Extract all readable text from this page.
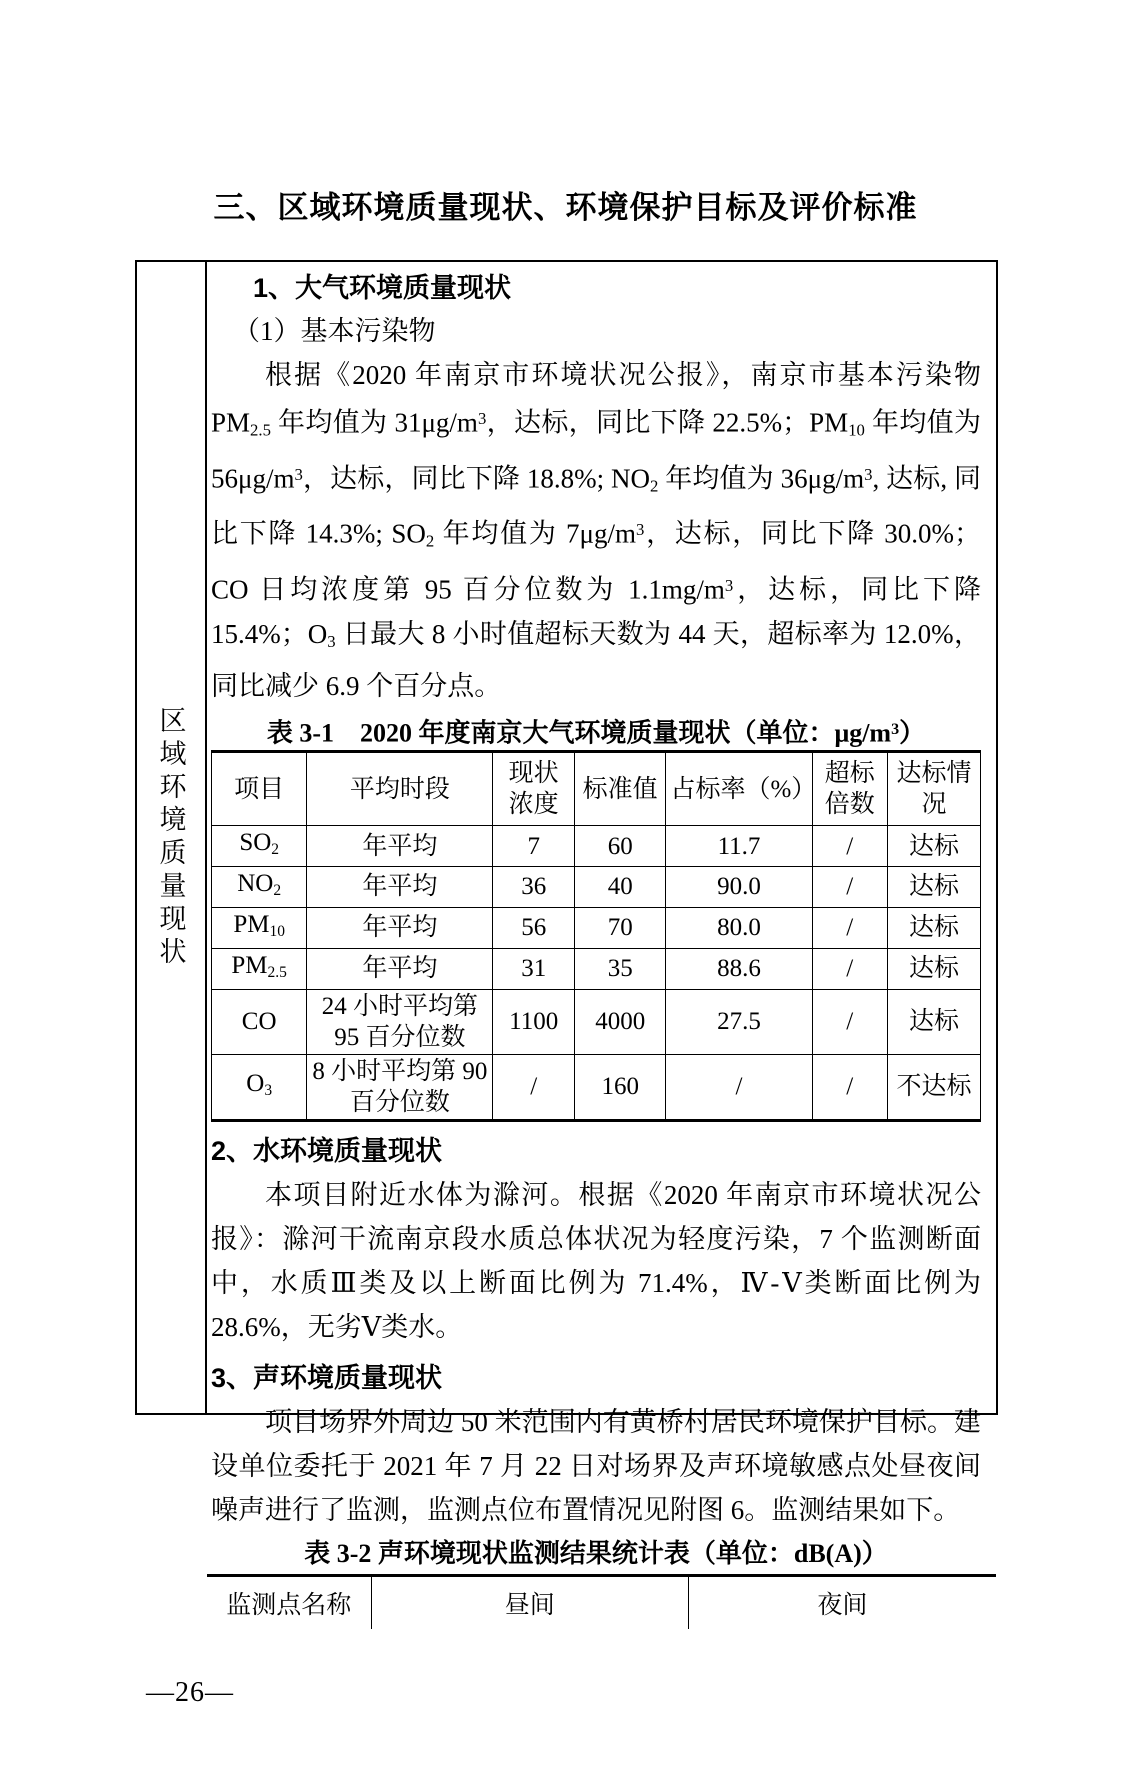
三、区域环境质量现状、环境保护目标及评价标准
区域环境质量现状
1、大气环境质量现状
（1）基本污染物

根据《2020 年南京市环境状况公报》，南京市基本污染物 $PM_{2.5}$ 年均值为 $31\mu g/m^3$，达标，同比下降 22.5%；$PM_{10}$ 年均值为 $56\mu g/m^3$，达标，同比下降 18.8%; $NO_2$ 年均值为 $36\mu g/m^3$, 达标, 同比下降 14.3%; $SO_2$ 年均值为 $7\mu g/m^3$，达标，同比下降 30.0%；CO 日均浓度第 95 百分位数为 $1.1mg/m^3$，达标，同比下降 15.4%；$O_3$ 日最大 8 小时值超标天数为 44 天，超标率为 12.0%，同比减少 6.9 个百分点。

表 3-1　2020 年度南京大气环境质量现状（单位：$\mu g/m^3$）
项目	平均时段	现状浓度	标准值	占标率（%）	超标倍数	达标情况
$SO_2$	年平均	7	60	11.7	/	达标
$NO_2$	年平均	36	40	90.0	/	达标
$PM_{10}$	年平均	56	70	80.0	/	达标
$PM_{2.5}$	年平均	31	35	88.6	/	达标
CO	24 小时平均第 95 百分位数	1100	4000	27.5	/	达标
$O_3$	8 小时平均第 90 百分位数	/	160	/	/	不达标
2、水环境质量现状

本项目附近水体为滁河。根据《2020 年南京市环境状况公报》：滁河干流南京段水质总体状况为轻度污染，7 个监测断面中，水质Ⅲ类及以上断面比例为 71.4%，Ⅳ-Ⅴ类断面比例为 28.6%，无劣Ⅴ类水。

3、声环境质量现状

项目场界外周边 50 米范围内有黄桥村居民环境保护目标。建设单位委托于 2021 年 7 月 22 日对场界及声环境敏感点处昼夜间噪声进行了监测，监测点位布置情况见附图 6。监测结果如下。

表 3-2 声环境现状监测结果统计表（单位：dB(A)）
监测点名称	昼间	夜间
—26—
